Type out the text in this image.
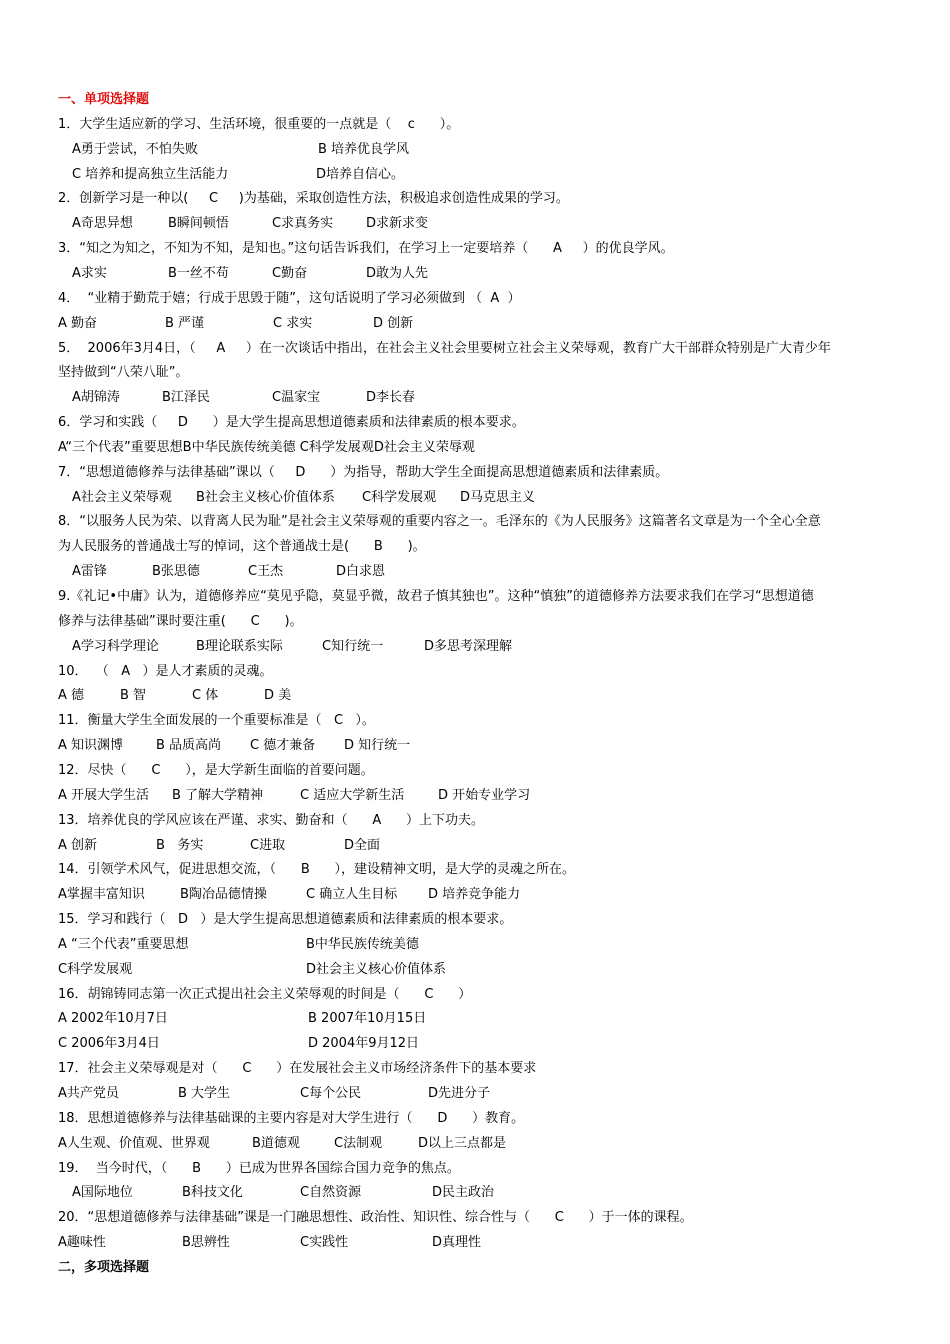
一、单项选择题
1．大学生适应新的学习、生活环境，很重要的一点就是（    c      ）。
A勇于尝试，不怕失败	B 培养优良学风
C 培养和提高独立生活能力	D培养自信心。
2．创新学习是一种以(     C     )为基础，采取创造性方法，积极追求创造性成果的学习。
A奇思异想	B瞬间顿悟	C求真务实	D求新求变
3．“知之为知之，不知为不知，是知也。”这句话告诉我们，在学习上一定要培养（      A     ）的优良学风。
A求实	B一丝不苟	C勤奋	D敢为人先
4．  “业精于勤荒于嬉；行成于思毁于随”，这句话说明了学习必须做到 （  A  ）
A 勤奋	B 严谨	C 求实	D 创新
5．  2006年3月4日，（     A     ）在一次谈话中指出，在社会主义社会里要树立社会主义荣辱观，教育广大干部群众特别是广大青少年
坚持做到“八荣八耻”。
A胡锦涛	B江泽民	C温家宝	D李长春
6．学习和实践（     D      ）是大学生提高思想道德素质和法律素质的根本要求。
A“三个代表”重要思想B中华民族传统美德 C科学发展观D社会主义荣辱观
7．“思想道德修养与法律基础”课以（     D      ）为指导，帮助大学生全面提高思想道德素质和法律素质。
A社会主义荣辱观 B社会主义核心价值体系 C科学发展观 D马克思主义
8．“以服务人民为荣、以背离人民为耻”是社会主义荣辱观的重要内容之一。毛泽东的《为人民服务》这篇著名文章是为一个全心全意
为人民服务的普通战士写的悼词，这个普通战士是(      B      )。
A雷锋	B张思德	C王杰	D白求恩
9.《礼记•中庸》认为，道德修养应“莫见乎隐，莫显乎微，故君子慎其独也”。这种“慎独”的道德修养方法要求我们在学习“思想道德
修养与法律基础”课时要注重(      C      )。
A学习科学理论	B理论联系实际	C知行统一	D多思考深理解
10．  （   A   ）是人才素质的灵魂。
A 德	B 智	C 体	D 美
11．衡量大学生全面发展的一个重要标准是（   C   ）。
A 知识渊博	B 品质高尚 C 德才兼备 D 知行统一
12．尽快（      C      ），是大学新生面临的首要问题。
A 开展大学生活 B 了解大学精神	C 适应大学新生活	D 开始专业学习
13．培养优良的学风应该在严谨、求实、勤奋和（      A      ）上下功夫。
A 创新	B   务实	C进取	D全面
14．引领学术风气，促进思想交流，（      B      ），建设精神文明，是大学的灵魂之所在。
A掌握丰富知识	B陶冶品德情操	C 确立人生目标 D 培养竞争能力
15．学习和践行（   D   ）是大学生提高思想道德素质和法律素质的根本要求。
A “三个代表”重要思想	B中华民族传统美德
C科学发展观	D社会主义核心价值体系
16．胡锦铸同志第一次正式提出社会主义荣辱观的时间是（      C      ）
A 2002年10月7日	B 2007年10月15日
C 2006年3月4日	D 2004年9月12日
17．社会主义荣辱观是对（      C      ）在发展社会主义市场经济条件下的基本要求
A共产党员	B 大学生	C每个公民	D先进分子
18．思想道德修养与法律基础课的主要内容是对大学生进行（      D      ）教育。
A人生观、价值观、世界观	B道德观	C法制观	D以上三点都是
19．  当今时代，（      B      ）已成为世界各国综合国力竞争的焦点。
A国际地位	B科技文化	C自然资源	D民主政治
20．“思想道德修养与法律基础”课是一门融思想性、政治性、知识性、综合性与（      C      ）于一体的课程。
A趣味性	B思辨性	C实践性	D真理性
二，多项选择题
